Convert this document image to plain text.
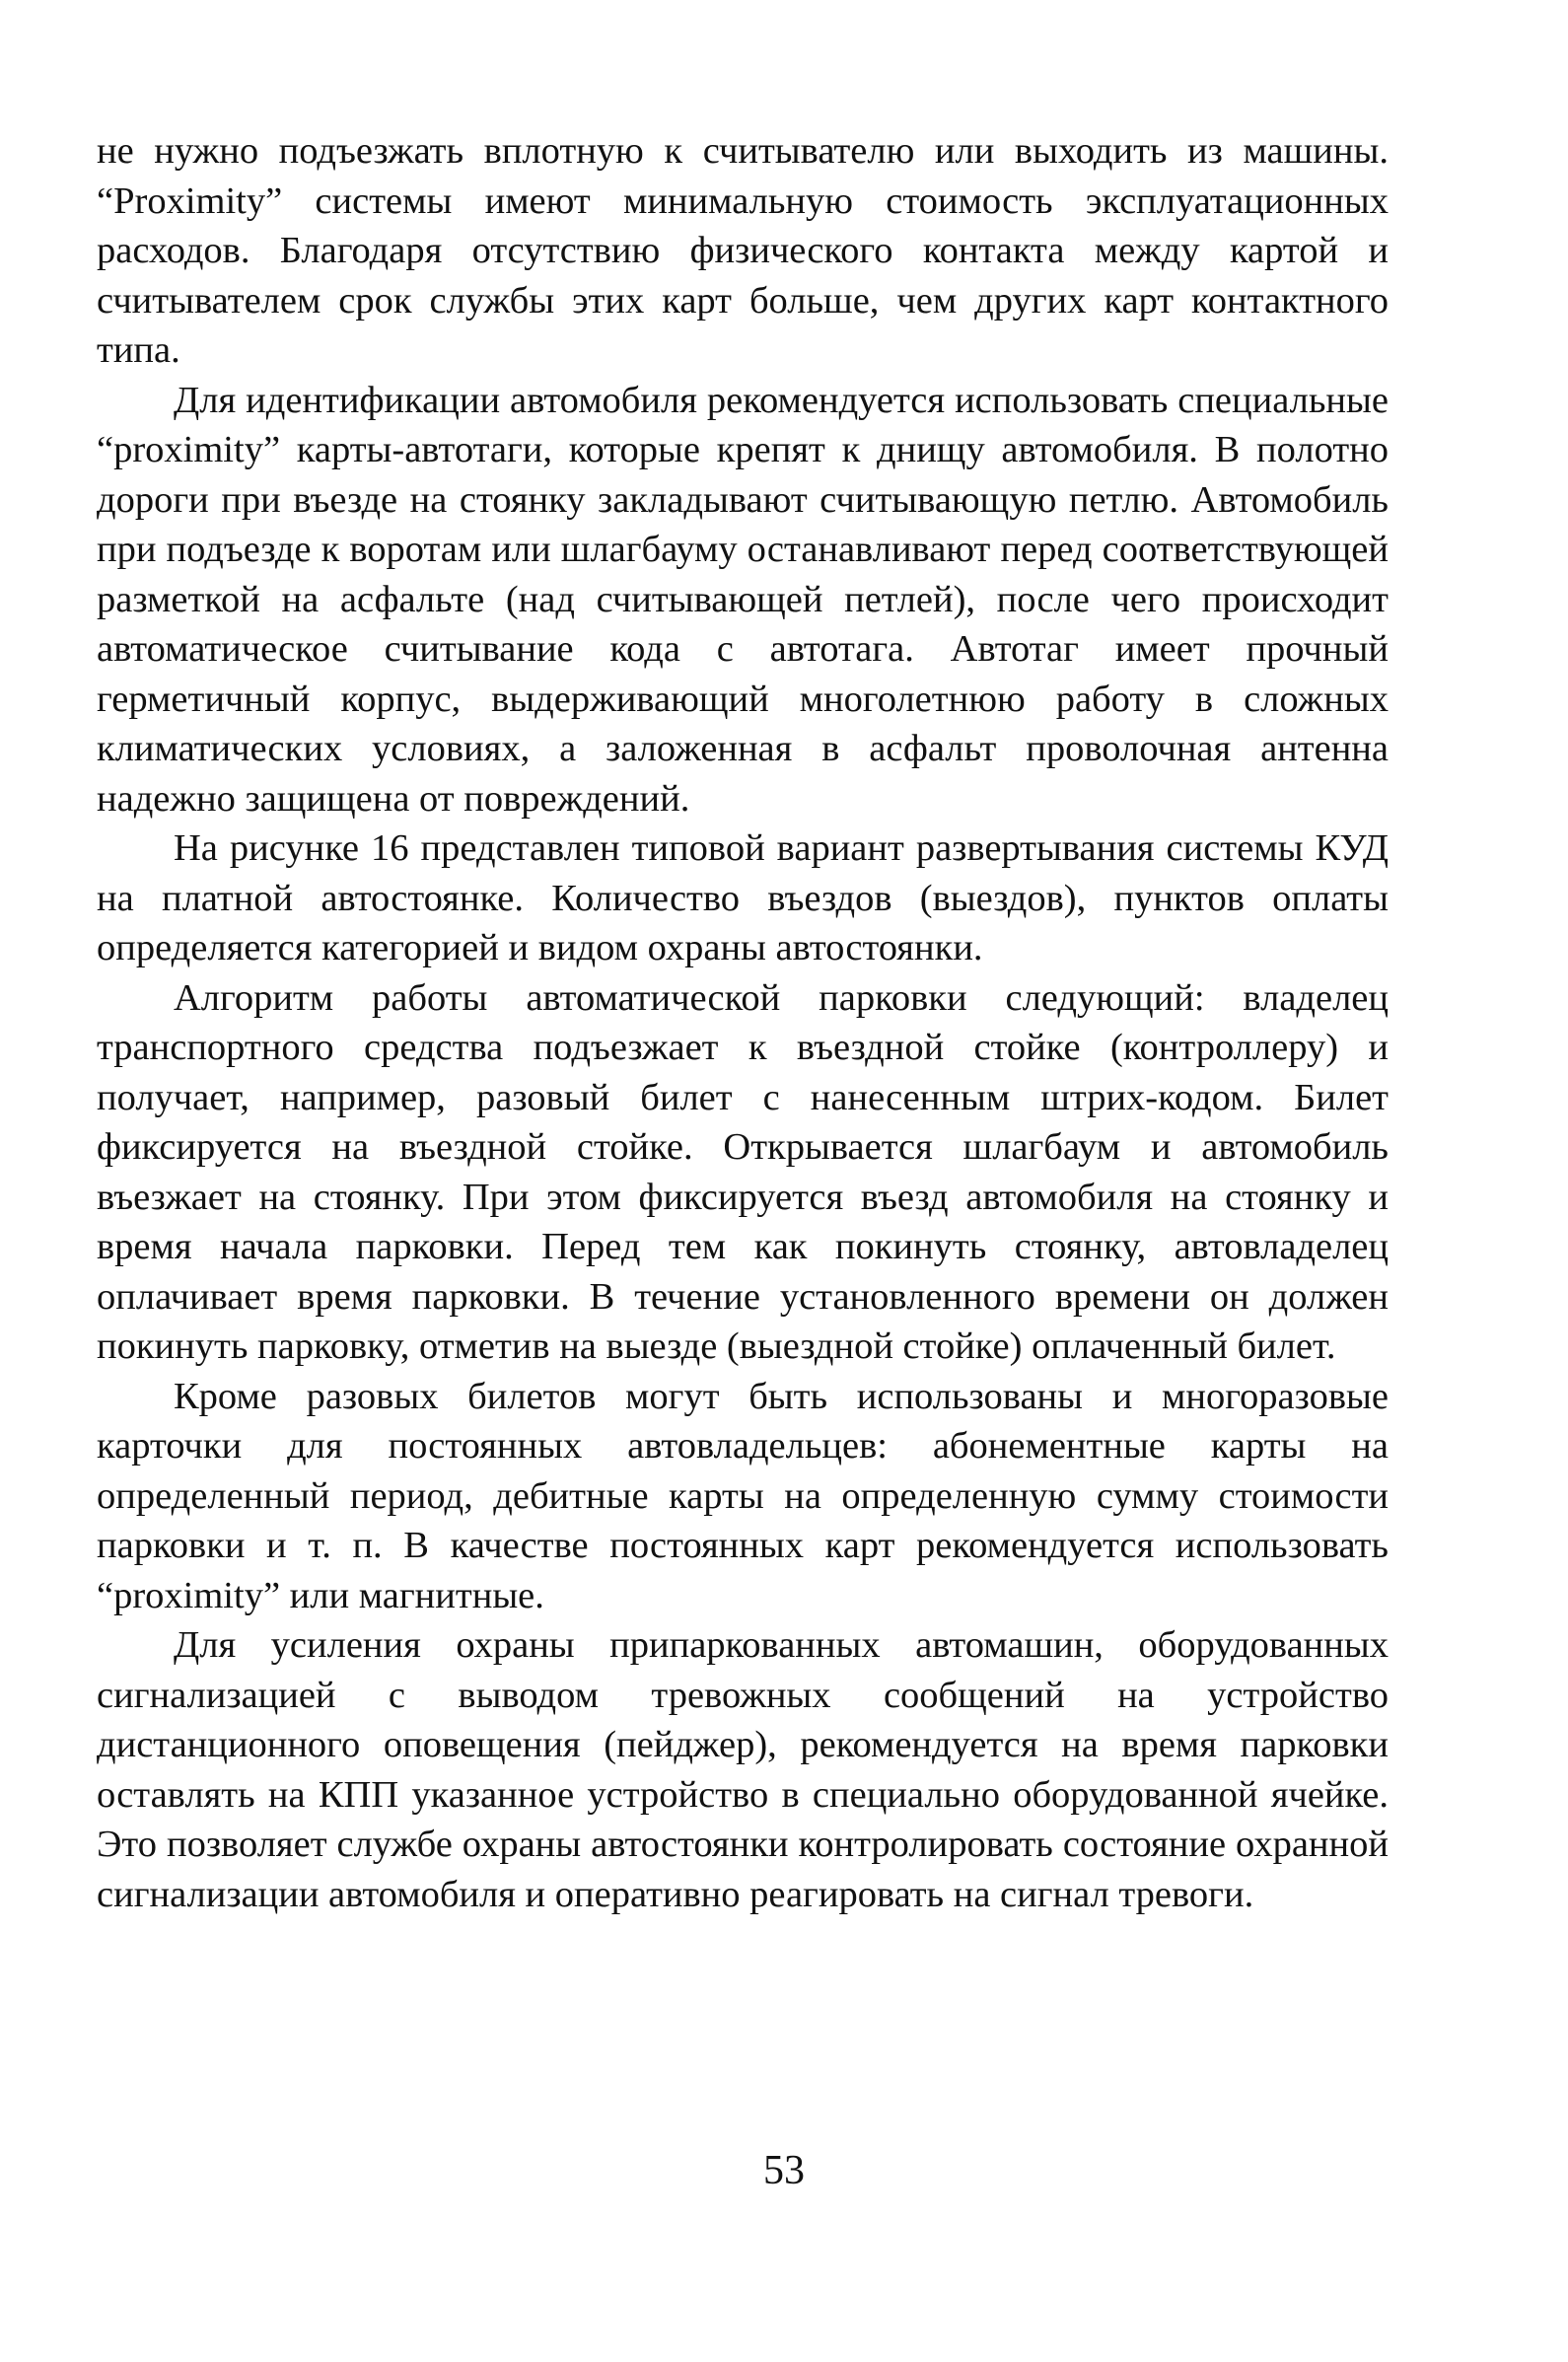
не нужно подъезжать вплотную к считывателю или выходить из машины. “Proximity” системы имеют минимальную стоимость эксплуатационных расходов. Благодаря отсутствию физического контакта между картой и считывателем срок службы этих карт больше, чем других карт контактного типа.

Для идентификации автомобиля рекомендуется использовать специальные “proximity” карты-автотаги, которые крепят к днищу автомобиля. В полотно дороги при въезде на стоянку закладывают считывающую петлю. Автомобиль при подъезде к воротам или шлагбауму останавливают перед соответствующей разметкой на асфальте (над считывающей петлей), после чего происходит автоматическое считывание кода с автотага. Автотаг имеет прочный герметичный корпус, выдерживающий многолетнюю работу в сложных климатических условиях, а заложенная в асфальт проволочная антенна надежно защищена от повреждений.

На рисунке 16 представлен типовой вариант развертывания системы КУД на платной автостоянке. Количество въездов (выездов), пунктов оплаты определяется категорией и видом охраны автостоянки.

Алгоритм работы автоматической парковки следующий: владелец транспортного средства подъезжает к въездной стойке (контроллеру) и получает, например, разовый билет с нанесенным штрих-кодом. Билет фиксируется на въездной стойке. Открывается шлагбаум и автомобиль въезжает на стоянку. При этом фиксируется въезд автомобиля на стоянку и время начала парковки. Перед тем как покинуть стоянку, автовладелец оплачивает время парковки. В течение установленного времени он должен покинуть парковку, отметив на выезде (выездной стойке) оплаченный билет.

Кроме разовых билетов могут быть использованы и многоразовые карточки для постоянных автовладельцев: абонементные карты на определенный период, дебитные карты на определенную сумму стоимости парковки и т. п. В качестве постоянных карт рекомендуется использовать “proximity” или магнитные.

Для усиления охраны припаркованных автомашин, оборудованных сигнализацией с выводом тревожных сообщений на устройство дистанционного оповещения (пейджер), рекомендуется на время парковки оставлять на КПП указанное устройство в специально оборудованной ячейке. Это позволяет службе охраны автостоянки контролировать состояние охранной сигнализации автомобиля и оперативно реагировать на сигнал тревоги.

53
